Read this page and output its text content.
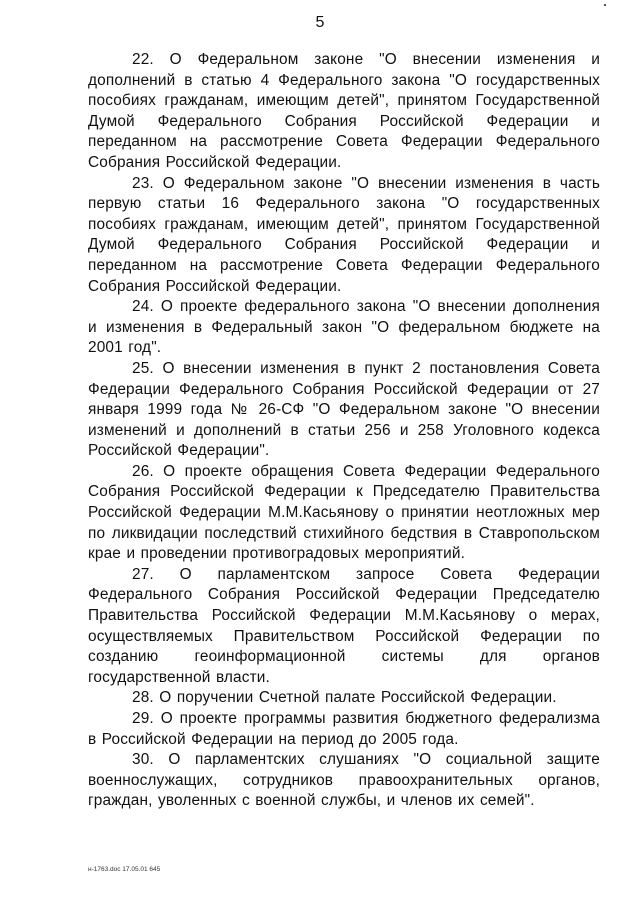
5

22. О Федеральном законе "О внесении изменения и дополнений в статью 4 Федерального закона "О государственных пособиях гражданам, имеющим детей", принятом Государственной Думой Федерального Собрания Российской Федерации и переданном на рассмотрение Совета Федерации Федерального Собрания Российской Федерации.

23. О Федеральном законе "О внесении изменения в часть первую статьи 16 Федерального закона "О государственных пособиях гражданам, имеющим детей", принятом Государственной Думой Федерального Собрания Российской Федерации и переданном на рассмотрение Совета Федерации Федерального Собрания Российской Федерации.

24. О проекте федерального закона "О внесении дополнения и изменения в Федеральный закон "О федеральном бюджете на 2001 год".

25. О внесении изменения в пункт 2 постановления Совета Федерации Федерального Собрания Российской Федерации от 27 января 1999 года № 26-СФ "О Федеральном законе "О внесении изменений и дополнений в статьи 256 и 258 Уголовного кодекса Российской Федерации".

26. О проекте обращения Совета Федерации Федерального Собрания Российской Федерации к Председателю Правительства Российской Федерации М.М.Касьянову о принятии неотложных мер по ликвидации последствий стихийного бедствия в Ставропольском крае и проведении противоградовых мероприятий.

27. О парламентском запросе Совета Федерации Федерального Собрания Российской Федерации Председателю Правительства Российской Федерации М.М.Касьянову о мерах, осуществляемых Правительством Российской Федерации по созданию геоинформационной системы для органов государственной власти.

28. О поручении Счетной палате Российской Федерации.

29. О проекте программы развития бюджетного федерализма в Российской Федерации на период до 2005 года.

30. О парламентских слушаниях "О социальной защите военнослужащих, сотрудников правоохранительных органов, граждан, уволенных с военной службы, и членов их семей".

н-1763.doc 17.05.01 645
